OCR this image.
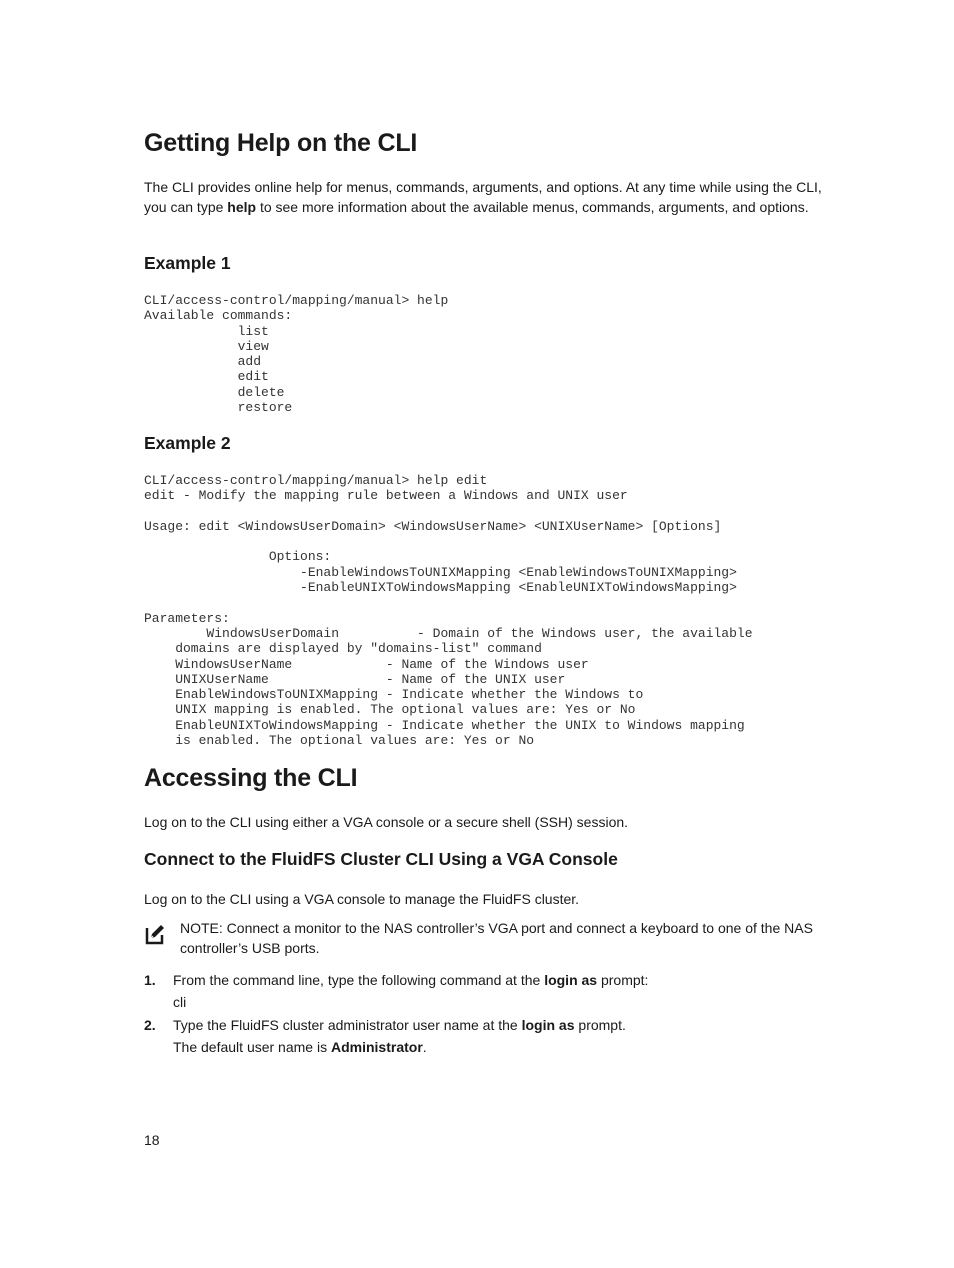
Getting Help on the CLI

The CLI provides online help for menus, commands, arguments, and options. At any time while using the CLI, you can type help to see more information about the available menus, commands, arguments, and options.

Example 1
CLI/access-control/mapping/manual> help
Available commands:
list
view
add
edit
delete
restore
Example 2
CLI/access-control/mapping/manual> help edit
edit - Modify the mapping rule between a Windows and UNIX user

Usage: edit <WindowsUserDomain> <WindowsUserName> <UNIXUserName> [Options]

Options:
-EnableWindowsToUNIXMapping <EnableWindowsToUNIXMapping>
-EnableUNIXToWindowsMapping <EnableUNIXToWindowsMapping>

Parameters:
WindowsUserDomain          - Domain of the Windows user, the available
domains are displayed by "domains-list" command
WindowsUserName            - Name of the Windows user
UNIXUserName               - Name of the UNIX user
EnableWindowsToUNIXMapping - Indicate whether the Windows to
UNIX mapping is enabled. The optional values are: Yes or No
EnableUNIXToWindowsMapping - Indicate whether the UNIX to Windows mapping
is enabled. The optional values are: Yes or No
Accessing the CLI

Log on to the CLI using either a VGA console or a secure shell (SSH) session.

Connect to the FluidFS Cluster CLI Using a VGA Console

Log on to the CLI using a VGA console to manage the FluidFS cluster.

NOTE: Connect a monitor to the NAS controller’s VGA port and connect a keyboard to one of the NAS controller’s USB ports.
1. From the command line, type the following command at the login as prompt:
cli
2. Type the FluidFS cluster administrator user name at the login as prompt.
The default user name is Administrator.
18
